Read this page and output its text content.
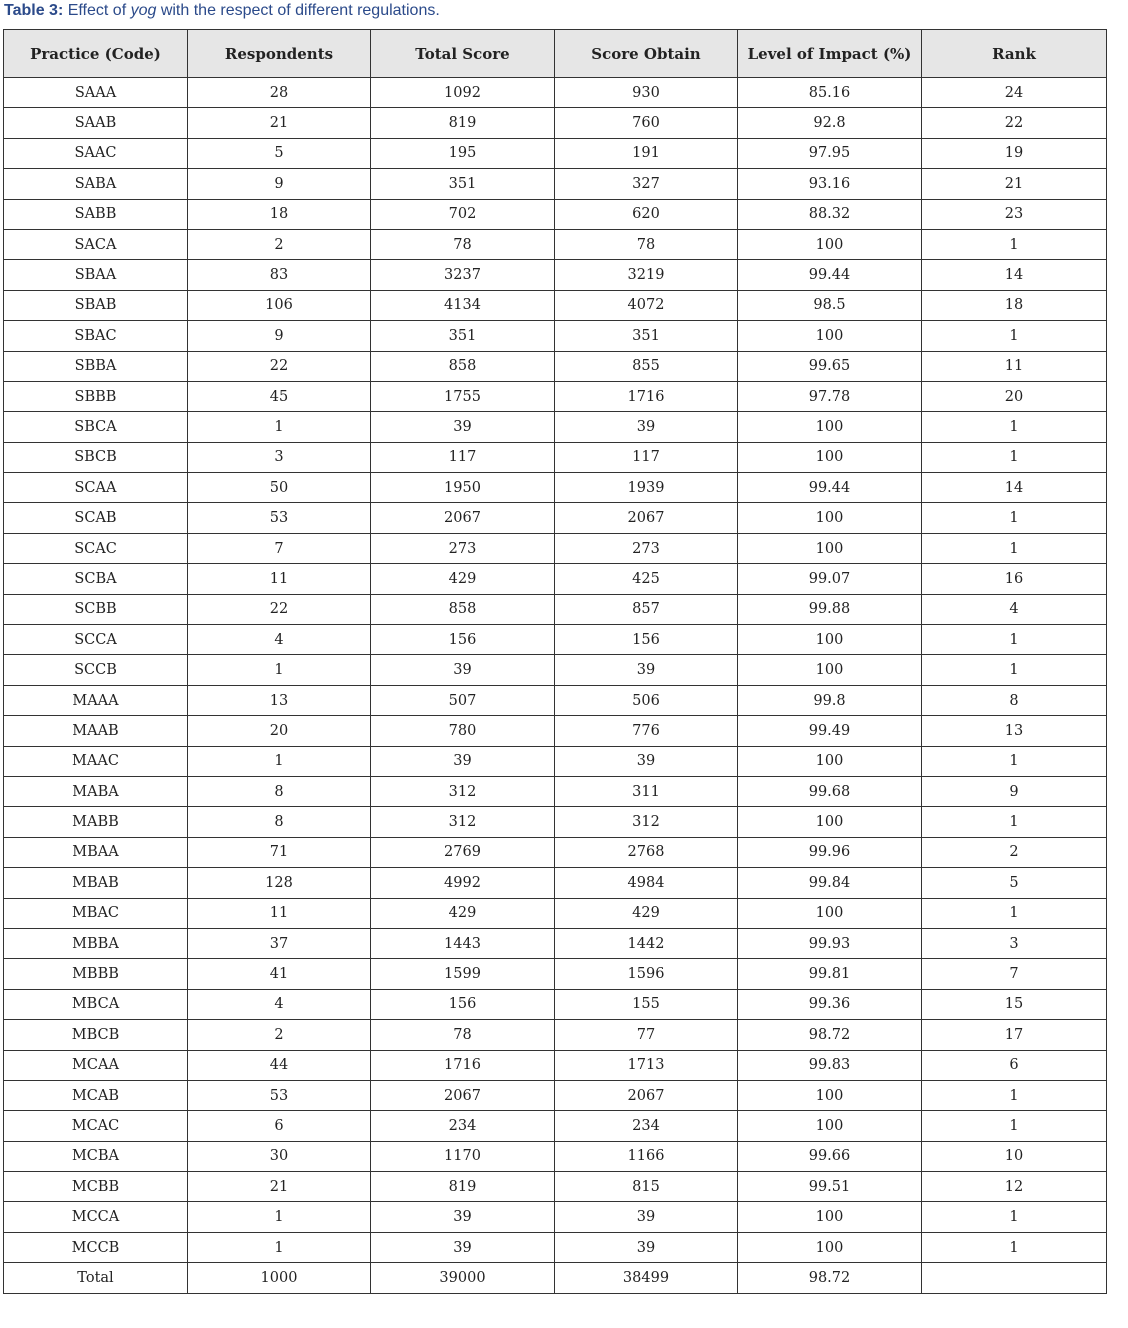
Table 3: Effect of yog with the respect of different regulations.
Practice (Code)	Respondents	Total Score	Score Obtain	Level of Impact (%)	Rank
SAAA	28	1092	930	85.16	24
SAAB	21	819	760	92.8	22
SAAC	5	195	191	97.95	19
SABA	9	351	327	93.16	21
SABB	18	702	620	88.32	23
SACA	2	78	78	100	1
SBAA	83	3237	3219	99.44	14
SBAB	106	4134	4072	98.5	18
SBAC	9	351	351	100	1
SBBA	22	858	855	99.65	11
SBBB	45	1755	1716	97.78	20
SBCA	1	39	39	100	1
SBCB	3	117	117	100	1
SCAA	50	1950	1939	99.44	14
SCAB	53	2067	2067	100	1
SCAC	7	273	273	100	1
SCBA	11	429	425	99.07	16
SCBB	22	858	857	99.88	4
SCCA	4	156	156	100	1
SCCB	1	39	39	100	1
MAAA	13	507	506	99.8	8
MAAB	20	780	776	99.49	13
MAAC	1	39	39	100	1
MABA	8	312	311	99.68	9
MABB	8	312	312	100	1
MBAA	71	2769	2768	99.96	2
MBAB	128	4992	4984	99.84	5
MBAC	11	429	429	100	1
MBBA	37	1443	1442	99.93	3
MBBB	41	1599	1596	99.81	7
MBCA	4	156	155	99.36	15
MBCB	2	78	77	98.72	17
MCAA	44	1716	1713	99.83	6
MCAB	53	2067	2067	100	1
MCAC	6	234	234	100	1
MCBA	30	1170	1166	99.66	10
MCBB	21	819	815	99.51	12
MCCA	1	39	39	100	1
MCCB	1	39	39	100	1
Total	1000	39000	38499	98.72	
